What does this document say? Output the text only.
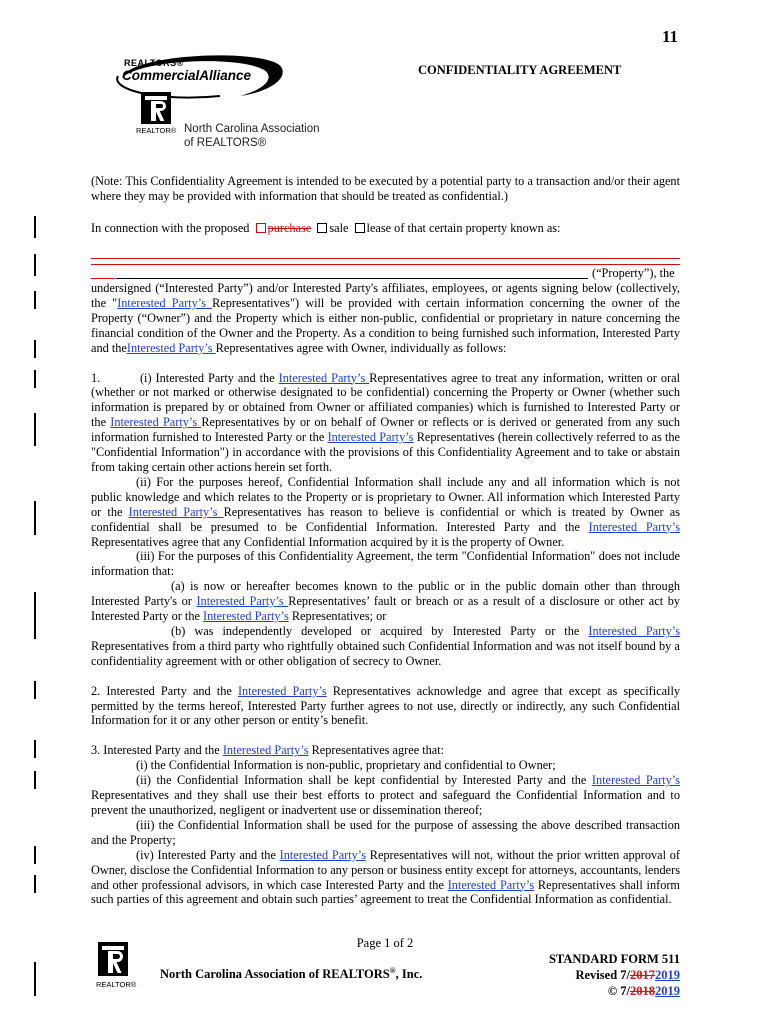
11
REALTORS®
CommercialAlliance
REALTOR® North Carolina Association
of REALTORS®
CONFIDENTIALITY AGREEMENT

(Note: This Confidentiality Agreement is intended to be executed by a potential party to a transaction and/or their agent where they may be provided with information that should be treated as confidential.)

In connection with the proposed purchase sale lease of that certain property known as:

(“Property”), the

undersigned (“Interested Party”) and/or Interested Party's affiliates, employees, or agents signing below (collectively, the "Interested Party’s Representatives") will be provided with certain information concerning the owner of the Property (“Owner”) and the Property which is either non-public, confidential or proprietary in nature concerning the financial condition of the Owner and the Property. As a condition to being furnished such information, Interested Party and theInterested Party’s Representatives agree with Owner, individually as follows:

1.          (i) Interested Party and the Interested Party’s Representatives agree to treat any information, written or oral (whether or not marked or otherwise designated to be confidential) concerning the Property or Owner (whether such information is prepared by or obtained from Owner or affiliated companies) which is furnished to Interested Party or the Interested Party’s Representatives by or on behalf of Owner or reflects or is derived or generated from any such information furnished to Interested Party or the Interested Party’s Representatives (herein collectively referred to as the "Confidential Information") in accordance with the provisions of this Confidentiality Agreement and to take or abstain from taking certain other actions herein set forth.

(ii) For the purposes hereof, Confidential Information shall include any and all information which is not public knowledge and which relates to the Property or is proprietary to Owner. All information which Interested Party or the Interested Party’s Representatives has reason to believe is confidential or which is treated by Owner as confidential shall be presumed to be Confidential Information. Interested Party and the Interested Party’s Representatives agree that any Confidential Information acquired by it is the property of Owner.

(iii) For the purposes of this Confidentiality Agreement, the term "Confidential Information" does not include information that:

(a) is now or hereafter becomes known to the public or in the public domain other than through Interested Party's or Interested Party’s Representatives’ fault or breach or as a result of a disclosure or other act by Interested Party or the Interested Party’s Representatives; or

(b) was independently developed or acquired by Interested Party or the Interested Party’s Representatives from a third party who rightfully obtained such Confidential Information and was not itself bound by a confidentiality agreement with or other obligation of secrecy to Owner.

2. Interested Party and the Interested Party’s Representatives acknowledge and agree that except as specifically permitted by the terms hereof, Interested Party further agrees to not use, directly or indirectly, any such Confidential Information for it or any other person or entity’s benefit.

3. Interested Party and the Interested Party’s Representatives agree that:

(i) the Confidential Information is non-public, proprietary and confidential to Owner;

(ii) the Confidential Information shall be kept confidential by Interested Party and the Interested Party’s Representatives and they shall use their best efforts to protect and safeguard the Confidential Information and to prevent the unauthorized, negligent or inadvertent use or dissemination thereof;

(iii) the Confidential Information shall be used for the purpose of assessing the above described transaction and the Property;

(iv) Interested Party and the Interested Party’s Representatives will not, without the prior written approval of Owner, disclose the Confidential Information to any person or business entity except for attorneys, accountants, lenders and other professional advisors, in which case Interested Party and the Interested Party’s Representatives shall inform such parties of this agreement and obtain such parties’ agreement to treat the Confidential Information as confidential.

Page 1 of 2
REALTOR®
North Carolina Association of REALTORS®, Inc.
STANDARD FORM 511
Revised 7/20172019
© 7/20182019
